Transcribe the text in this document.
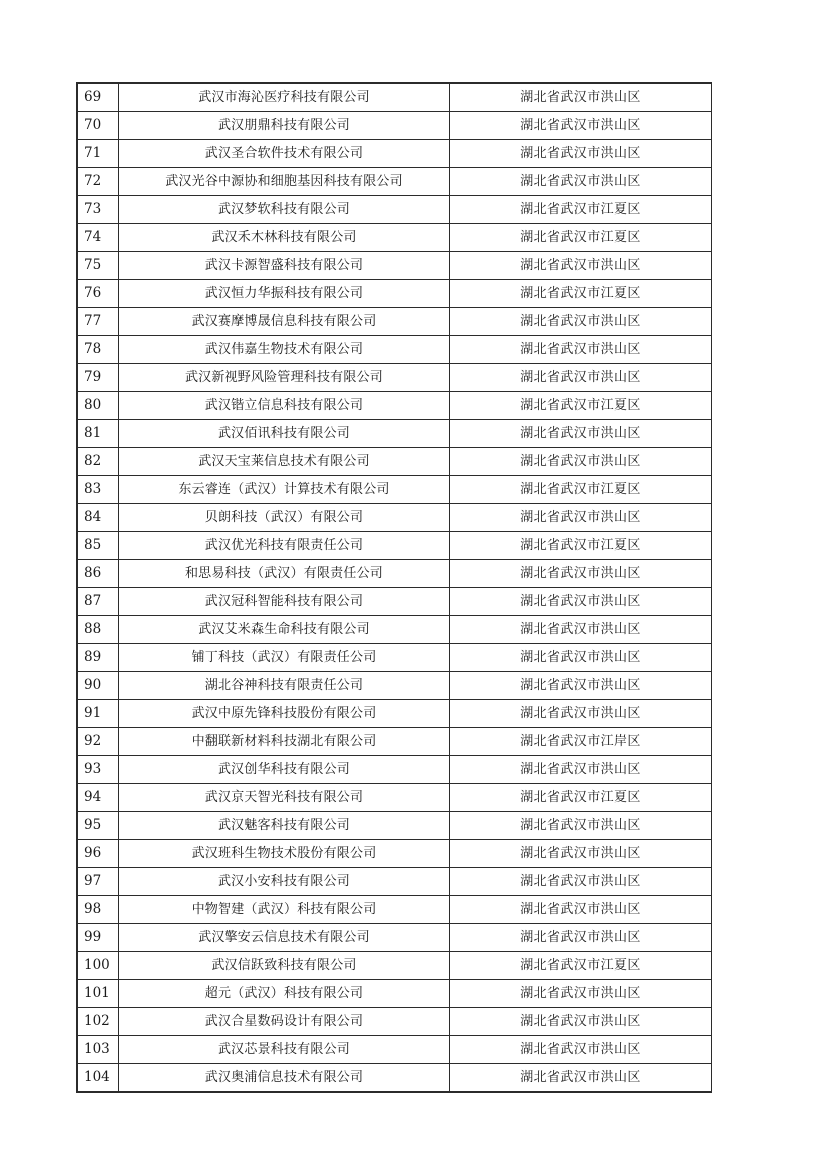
69	武汉市海沁医疗科技有限公司	湖北省武汉市洪山区
70	武汉朋鼎科技有限公司	湖北省武汉市洪山区
71	武汉圣合软件技术有限公司	湖北省武汉市洪山区
72	武汉光谷中源协和细胞基因科技有限公司	湖北省武汉市洪山区
73	武汉梦软科技有限公司	湖北省武汉市江夏区
74	武汉禾木林科技有限公司	湖北省武汉市江夏区
75	武汉卡源智盛科技有限公司	湖北省武汉市洪山区
76	武汉恒力华振科技有限公司	湖北省武汉市江夏区
77	武汉赛摩博晟信息科技有限公司	湖北省武汉市洪山区
78	武汉伟嘉生物技术有限公司	湖北省武汉市洪山区
79	武汉新视野风险管理科技有限公司	湖北省武汉市洪山区
80	武汉锴立信息科技有限公司	湖北省武汉市江夏区
81	武汉佰讯科技有限公司	湖北省武汉市洪山区
82	武汉天宝莱信息技术有限公司	湖北省武汉市洪山区
83	东云睿连（武汉）计算技术有限公司	湖北省武汉市江夏区
84	贝朗科技（武汉）有限公司	湖北省武汉市洪山区
85	武汉优光科技有限责任公司	湖北省武汉市江夏区
86	和思易科技（武汉）有限责任公司	湖北省武汉市洪山区
87	武汉冠科智能科技有限公司	湖北省武汉市洪山区
88	武汉艾米森生命科技有限公司	湖北省武汉市洪山区
89	铺丁科技（武汉）有限责任公司	湖北省武汉市洪山区
90	湖北谷神科技有限责任公司	湖北省武汉市洪山区
91	武汉中原先锋科技股份有限公司	湖北省武汉市洪山区
92	中翻联新材料科技湖北有限公司	湖北省武汉市江岸区
93	武汉创华科技有限公司	湖北省武汉市洪山区
94	武汉京天智光科技有限公司	湖北省武汉市江夏区
95	武汉魅客科技有限公司	湖北省武汉市洪山区
96	武汉班科生物技术股份有限公司	湖北省武汉市洪山区
97	武汉小安科技有限公司	湖北省武汉市洪山区
98	中物智建（武汉）科技有限公司	湖北省武汉市洪山区
99	武汉擎安云信息技术有限公司	湖北省武汉市洪山区
100	武汉信跃致科技有限公司	湖北省武汉市江夏区
101	超元（武汉）科技有限公司	湖北省武汉市洪山区
102	武汉合星数码设计有限公司	湖北省武汉市洪山区
103	武汉芯景科技有限公司	湖北省武汉市洪山区
104	武汉奥浦信息技术有限公司	湖北省武汉市洪山区
